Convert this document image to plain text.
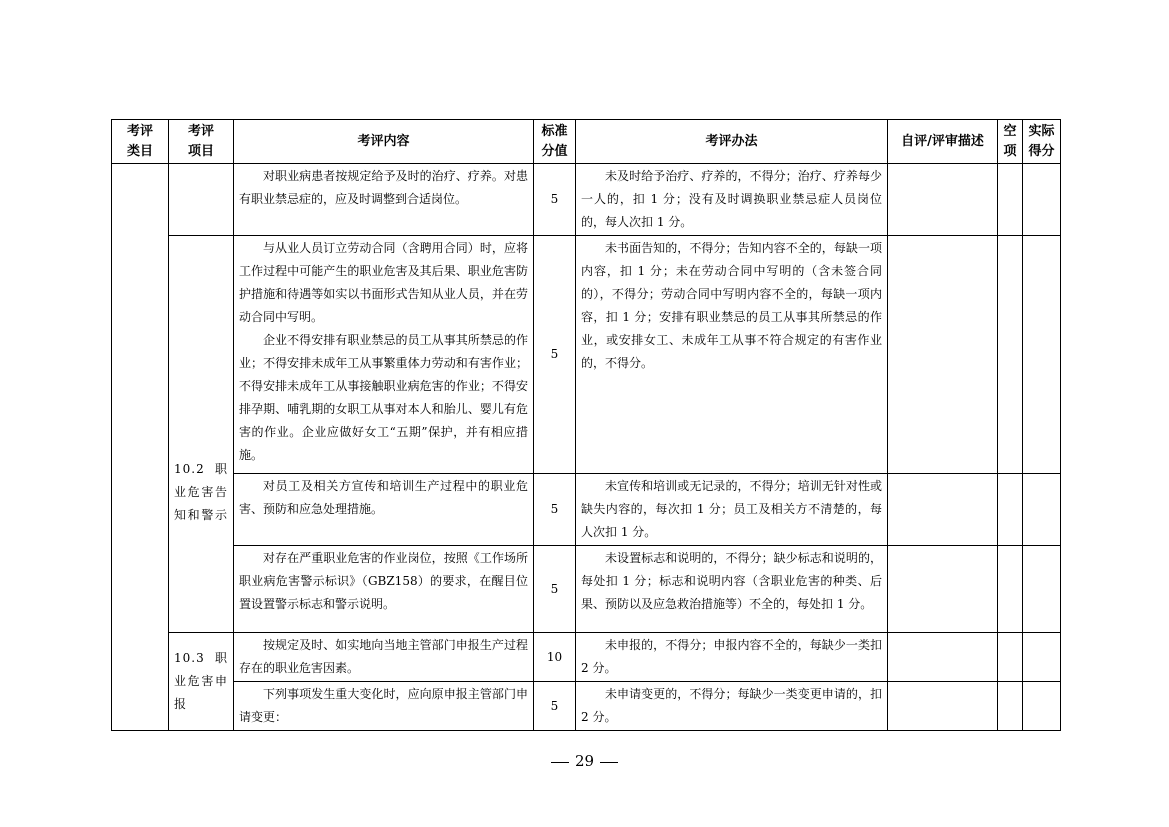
考评类目	考评项目	考评内容	标准分值	考评办法	自评/评审描述	空项	实际得分
		对职业病患者按规定给予及时的治疗、疗养。对患有职业禁忌症的，应及时调整到合适岗位。	5	未及时给予治疗、疗养的，不得分；治疗、疗养每少一人的，扣 1 分；没有及时调换职业禁忌症人员岗位的，每人次扣 1 分。			
	10.2 职业危害告知和警示	与从业人员订立劳动合同（含聘用合同）时，应将工作过程中可能产生的职业危害及其后果、职业危害防护措施和待遇等如实以书面形式告知从业人员，并在劳动合同中写明。
企业不得安排有职业禁忌的员工从事其所禁忌的作业；不得安排未成年工从事繁重体力劳动和有害作业；不得安排未成年工从事接触职业病危害的作业；不得安排孕期、哺乳期的女职工从事对本人和胎儿、婴儿有危害的作业。企业应做好女工“五期”保护，并有相应措施。	5	未书面告知的，不得分；告知内容不全的，每缺一项内容，扣 1 分；未在劳动合同中写明的（含未签合同的），不得分；劳动合同中写明内容不全的，每缺一项内容，扣 1 分；安排有职业禁忌的员工从事其所禁忌的作业，或安排女工、未成年工从事不符合规定的有害作业的，不得分。			
		对员工及相关方宣传和培训生产过程中的职业危害、预防和应急处理措施。	5	未宣传和培训或无记录的，不得分；培训无针对性或缺失内容的，每次扣 1 分；员工及相关方不清楚的，每人次扣 1 分。			
		对存在严重职业危害的作业岗位，按照《工作场所职业病危害警示标识》（GBZ158）的要求，在醒目位置设置警示标志和警示说明。	5	未设置标志和说明的，不得分；缺少标志和说明的，每处扣 1 分；标志和说明内容（含职业危害的种类、后果、预防以及应急救治措施等）不全的，每处扣 1 分。			

	10.3 职业危害申报	按规定及时、如实地向当地主管部门申报生产过程存在的职业危害因素。	10	未申报的，不得分；申报内容不全的，每缺少一类扣 2 分。			
		下列事项发生重大变化时，应向原申报主管部门申请变更：	5	未申请变更的，不得分；每缺少一类变更申请的，扣 2 分。			
29
